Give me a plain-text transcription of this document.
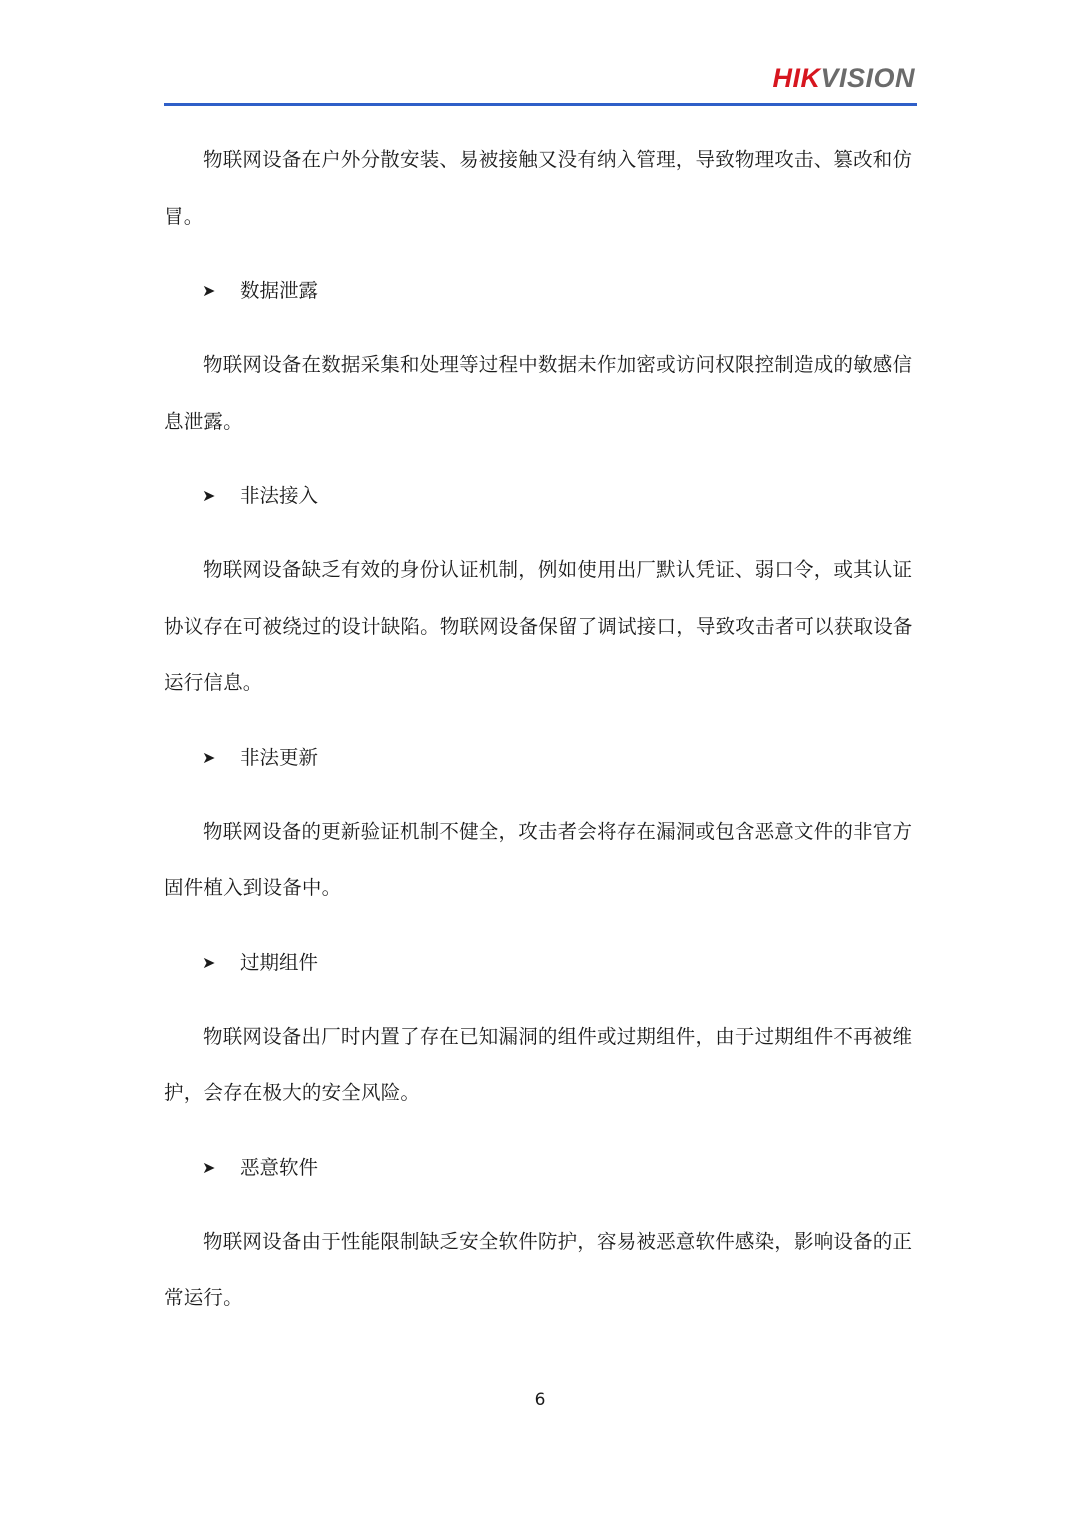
HIK VISION

物联网设备在户外分散安装、易被接触又没有纳入管理，导致物理攻击、篡改和仿冒。

➤	数据泄露

物联网设备在数据采集和处理等过程中数据未作加密或访问权限控制造成的敏感信息泄露。

➤	非法接入

物联网设备缺乏有效的身份认证机制，例如使用出厂默认凭证、弱口令，或其认证协议存在可被绕过的设计缺陷。物联网设备保留了调试接口，导致攻击者可以获取设备运行信息。

➤	非法更新

物联网设备的更新验证机制不健全，攻击者会将存在漏洞或包含恶意文件的非官方固件植入到设备中。

➤	过期组件

物联网设备出厂时内置了存在已知漏洞的组件或过期组件，由于过期组件不再被维护，会存在极大的安全风险。

➤	恶意软件

物联网设备由于性能限制缺乏安全软件防护，容易被恶意软件感染，影响设备的正常运行。

6
